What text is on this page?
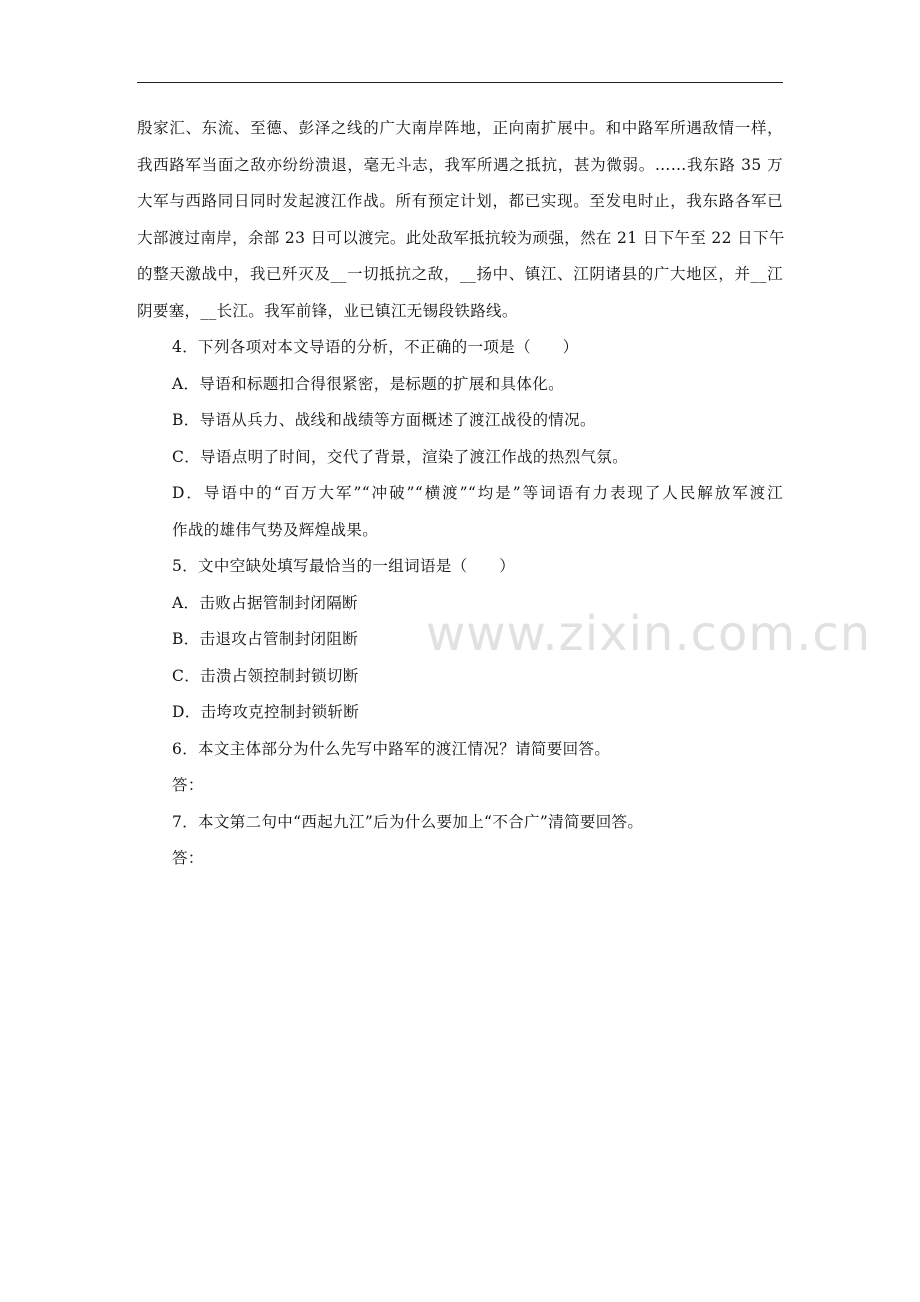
殷家汇、东流、至德、彭泽之线的广大南岸阵地，正向南扩展中。和中路军所遇敌情一样，
我西路军当面之敌亦纷纷溃退，毫无斗志，我军所遇之抵抗，甚为微弱。……我东路 35 万
大军与西路同日同时发起渡江作战。所有预定计划，都已实现。至发电时止，我东路各军已
大部渡过南岸，余部 23 日可以渡完。此处敌军抵抗较为顽强，然在 21 日下午至 22 日下午
的整天激战中，我已歼灭及__一切抵抗之敌，__扬中、镇江、江阴诸县的广大地区，并__江
阴要塞，__长江。我军前锋，业已镇江无锡段铁路线。

4．下列各项对本文导语的分析，不正确的一项是（　　）

A．导语和标题扣合得很紧密，是标题的扩展和具体化。

B．导语从兵力、战线和战绩等方面概述了渡江战役的情况。

C．导语点明了时间，交代了背景，渲染了渡江作战的热烈气氛。

D．导语中的“百万大军”“冲破”“横渡”“均是”等词语有力表现了人民解放军渡江
作战的雄伟气势及辉煌战果。

5．文中空缺处填写最恰当的一组词语是（　　）

A．击败占据管制封闭隔断

B．击退攻占管制封闭阻断

C．击溃占领控制封锁切断

D．击垮攻克控制封锁斩断

6．本文主体部分为什么先写中路军的渡江情况？请简要回答。

答：

7．本文第二句中“西起九江”后为什么要加上“不合广”清简要回答。

答：

www.zixin.com.cn
